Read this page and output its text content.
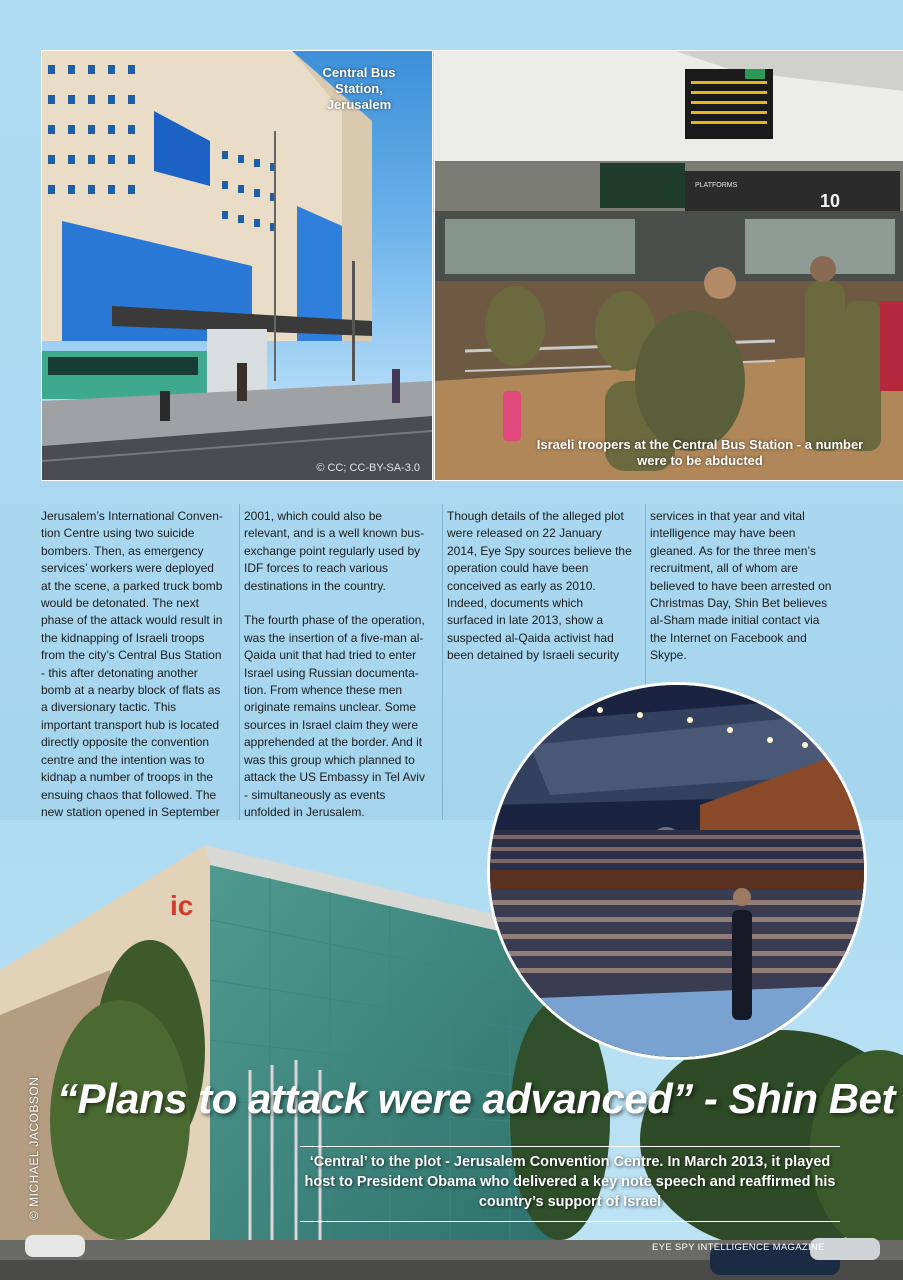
Central Bus Station, Jerusalem
© CC; CC-BY-SA-3.0
PLATFORMS
10
Israeli troopers at the Central Bus Station - a number were to be abducted
Jerusalem’s International Conven-
tion Centre using two suicide
bombers. Then, as emergency
services’ workers were deployed
at the scene, a parked truck bomb
would be detonated. The next
phase of the attack would result in
the kidnapping of Israeli troops
from the city’s Central Bus Station
- this after detonating another
bomb at a nearby block of flats as
a diversionary tactic. This
important transport hub is located
directly opposite the convention
centre and the intention was to
kidnap a number of troops in the
ensuing chaos that followed. The
new station opened in September
2001, which could also be
relevant, and is a well known bus-
exchange point regularly used by
IDF forces to reach various
destinations in the country.

The fourth phase of the operation,
was the insertion of a five-man al-
Qaida unit that had tried to enter
Israel using Russian documenta-
tion. From whence these men
originate remains unclear. Some
sources in Israel claim they were
apprehended at the border. And it
was this group which planned to
attack the US Embassy in Tel Aviv
- simultaneously as events
unfolded in Jerusalem.
Though details of the alleged plot
were released on 22 January
2014, Eye Spy sources believe the
operation could have been
conceived as early as 2010.
Indeed, documents which
surfaced in late 2013, show a
suspected al-Qaida activist had
been detained by Israeli security
services in that year and vital
intelligence may have been
gleaned. As for the three men’s
recruitment, all of whom are
believed to have been arrested on
Christmas Day, Shin Bet believes
al-Sham made initial contact via
the Internet on Facebook and
Skype.
ic
“Plans to attack were advanced” - Shin Bet
‘Central’ to the plot - Jerusalem Convention Centre. In March 2013, it played host to President Obama who delivered a key note speech and reaffirmed his country’s support of Israel
© MICHAEL JACOBSON
EYE SPY INTELLIGENCE MAGAZINE
